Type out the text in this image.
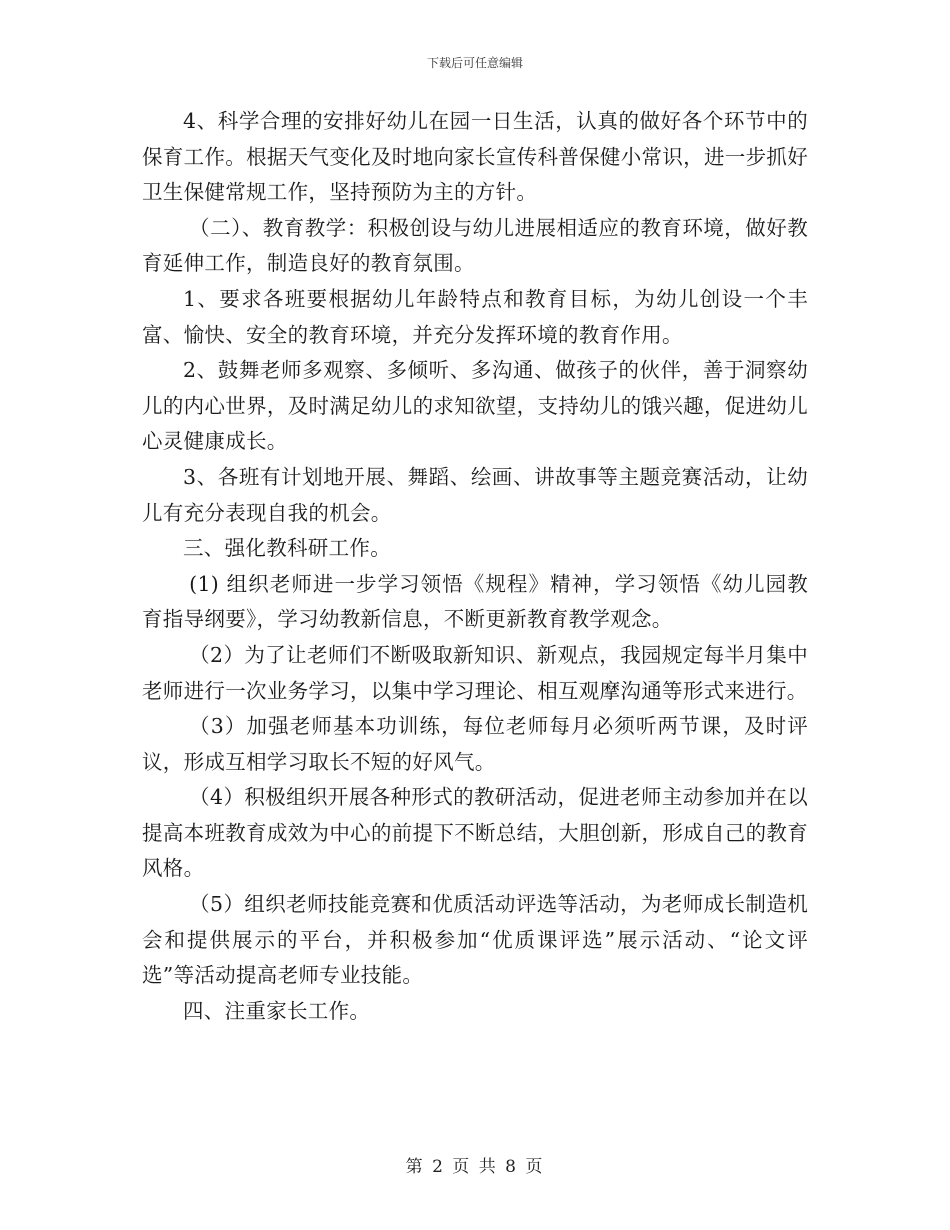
下载后可任意编辑

4、科学合理的安排好幼儿在园一日生活，认真的做好各个环节中的保育工作。根据天气变化及时地向家长宣传科普保健小常识，进一步抓好卫生保健常规工作，坚持预防为主的方针。

（二）、教育教学：积极创设与幼儿进展相适应的教育环境，做好教育延伸工作，制造良好的教育氛围。

1、要求各班要根据幼儿年龄特点和教育目标，为幼儿创设一个丰富、愉快、安全的教育环境，并充分发挥环境的教育作用。

2、鼓舞老师多观察、多倾听、多沟通、做孩子的伙伴，善于洞察幼儿的内心世界，及时满足幼儿的求知欲望，支持幼儿的饿兴趣，促进幼儿心灵健康成长。

3、各班有计划地开展、舞蹈、绘画、讲故事等主题竞赛活动，让幼儿有充分表现自我的机会。

三、强化教科研工作。

(1) 组织老师进一步学习领悟《规程》精神，学习领悟《幼儿园教育指导纲要》，学习幼教新信息，不断更新教育教学观念。

（2）为了让老师们不断吸取新知识、新观点，我园规定每半月集中老师进行一次业务学习，以集中学习理论、相互观摩沟通等形式来进行。

（3）加强老师基本功训练，每位老师每月必须听两节课，及时评议，形成互相学习取长不短的好风气。

（4）积极组织开展各种形式的教研活动，促进老师主动参加并在以提高本班教育成效为中心的前提下不断总结，大胆创新，形成自己的教育风格。

（5）组织老师技能竞赛和优质活动评选等活动，为老师成长制造机会和提供展示的平台，并积极参加“优质课评选”展示活动、“论文评选”等活动提高老师专业技能。

四、注重家长工作。

第 2 页 共 8 页
